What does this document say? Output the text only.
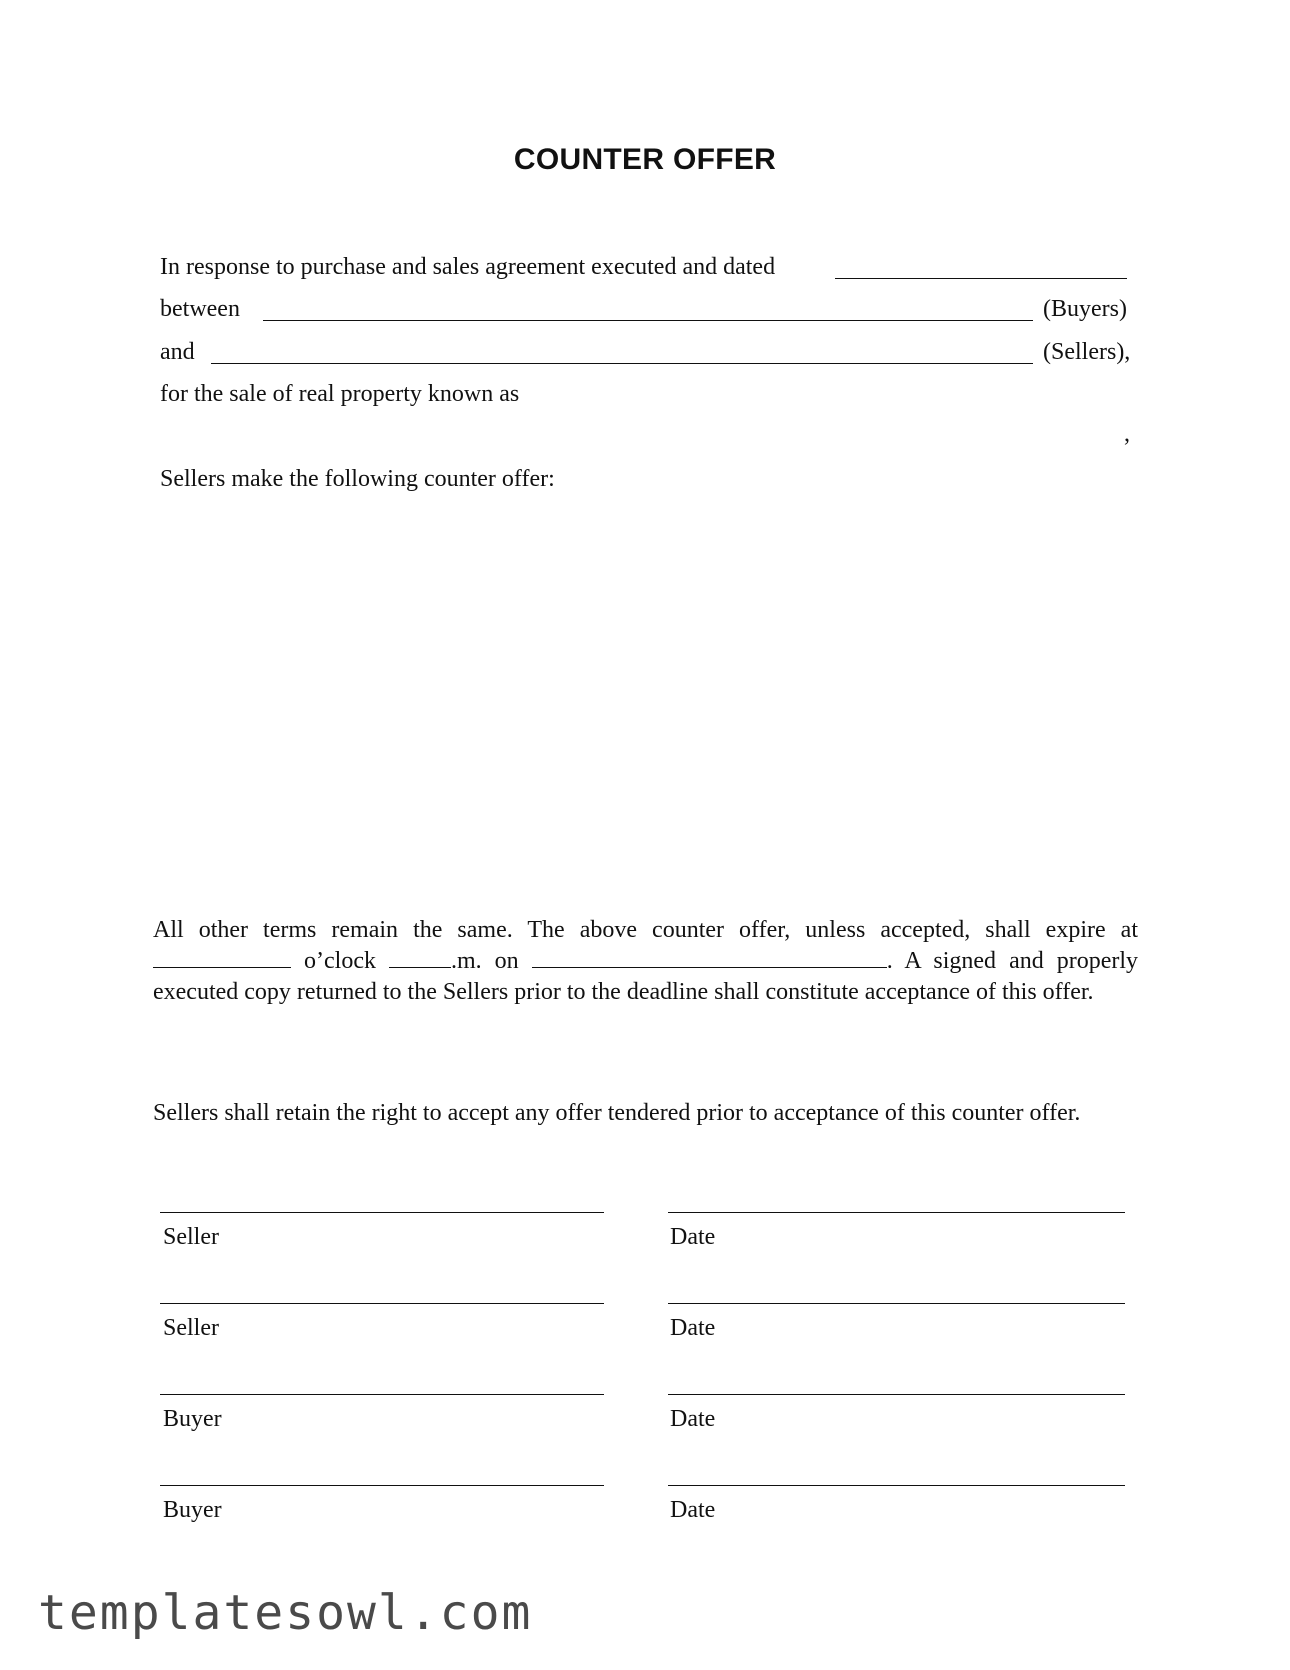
COUNTER OFFER
In response to purchase and sales agreement executed and dated
between	(Buyers)
and	(Sellers),
for the sale of real property known as
,
Sellers make the following counter offer:
All other terms remain the same. The above counter offer, unless accepted, shall expire at  o’clock	.m. on	. A signed and properly executed copy returned to the Sellers prior to the deadline shall constitute acceptance of this offer.
Sellers shall retain the right to accept any offer tendered prior to acceptance of this counter offer.
Seller	Date
Seller	Date
Buyer	Date
Buyer	Date
templatesowl.com
